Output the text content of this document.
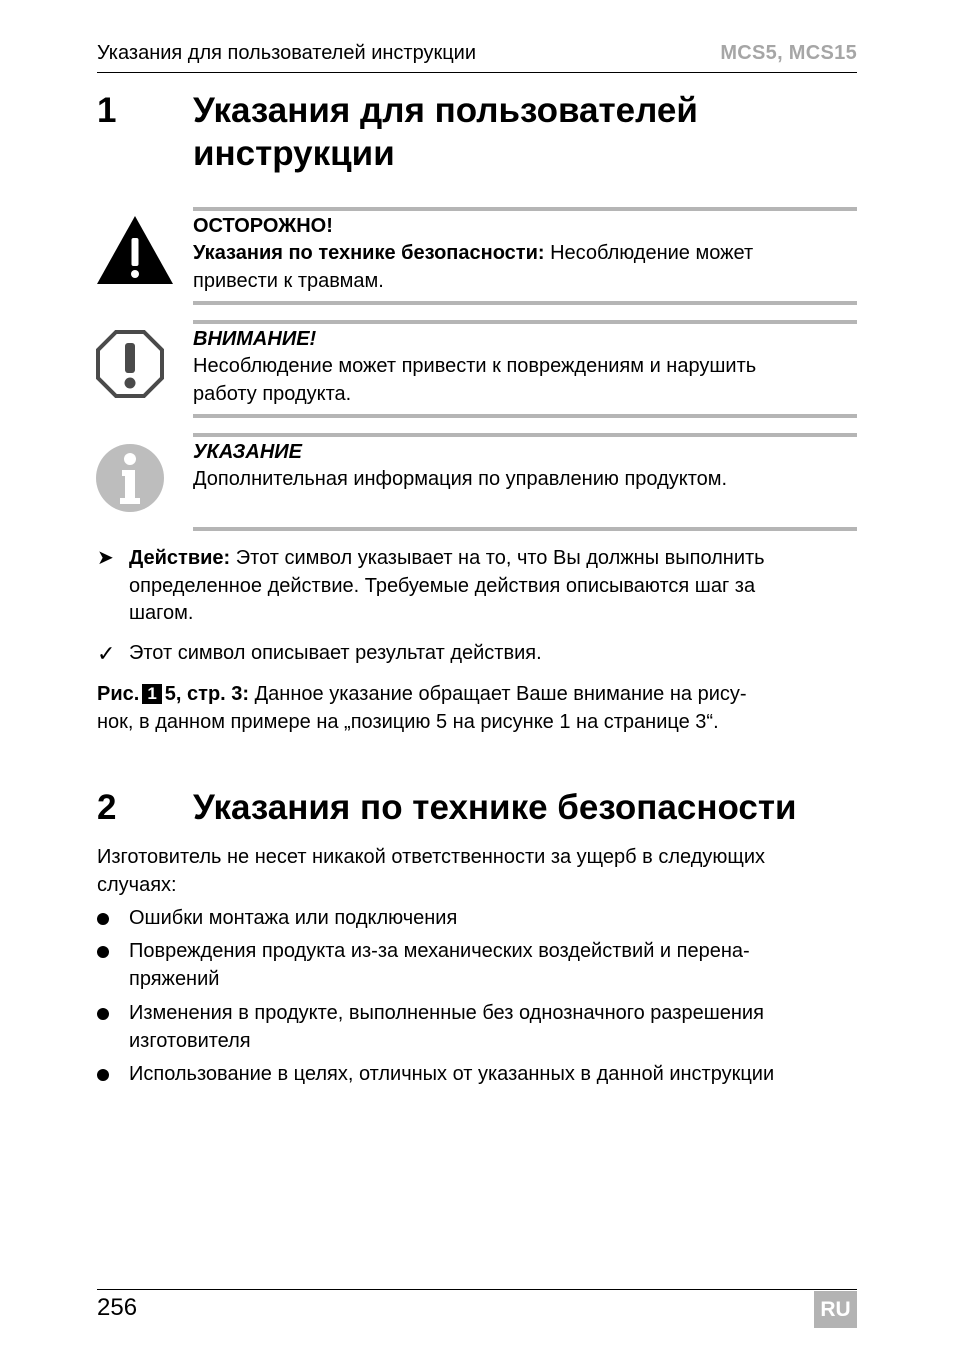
Указания для пользователей инструкции	MCS5, MCS15
1 Указания для пользователей
инструкции
ОСТОРОЖНО!
Указания по технике безопасности: Несоблюдение может
привести к травмам.
ВНИМАНИЕ!
Несоблюдение может привести к повреждениям и нарушить
работу продукта.
УКАЗАНИЕ
Дополнительная информация по управлению продуктом.
➤ Действие: Этот символ указывает на то, что Вы должны выполнить
определенное действие. Требуемые действия описываются шаг за
шагом.
✓ Этот символ описывает результат действия.
Рис. 1 5, стр. 3: Данное указание обращает Ваше внимание на рису-
нок, в данном примере на „позицию 5 на рисунке 1 на странице 3“.
2 Указания по технике безопасности
Изготовитель не несет никакой ответственности за ущерб в следующих
случаях:
Ошибки монтажа или подключения
Повреждения продукта из-за механических воздействий и перена-
пряжений
Изменения в продукте, выполненные без однозначного разрешения
изготовителя
Использование в целях, отличных от указанных в данной инструкции
256	RU
